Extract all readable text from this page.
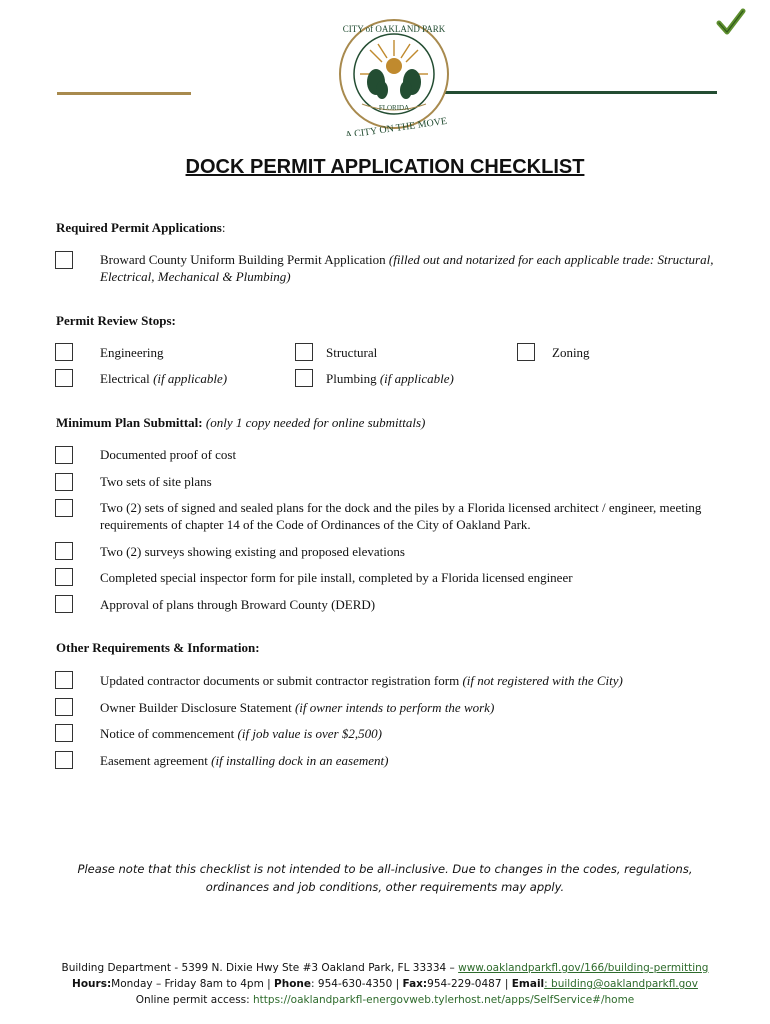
CITY of OAKLAND PARK
FLORIDA
A CITY ON THE MOVE
DOCK PERMIT APPLICATION CHECKLIST
Required Permit Applications:
Broward County Uniform Building Permit Application (filled out and notarized for each applicable trade: Structural, Electrical, Mechanical & Plumbing)
Permit Review Stops:
Engineering	Structural	Zoning
Electrical (if applicable)	Plumbing (if applicable)
Minimum Plan Submittal: (only 1 copy needed for online submittals)
Documented proof of cost
Two sets of site plans
Two (2) sets of signed and sealed plans for the dock and the piles by a Florida licensed architect / engineer, meeting requirements of chapter 14 of the Code of Ordinances of the City of Oakland Park.
Two (2) surveys showing existing and proposed elevations
Completed special inspector form for pile install, completed by a Florida licensed engineer
Approval of plans through Broward County (DERD)
Other Requirements & Information:
Updated contractor documents or submit contractor registration form (if not registered with the City)
Owner Builder Disclosure Statement (if owner intends to perform the work)
Notice of commencement (if job value is over $2,500)
Easement agreement (if installing dock in an easement)
Please note that this checklist is not intended to be all-inclusive. Due to changes in the codes, regulations, ordinances and job conditions, other requirements may apply.
Building Department - 5399 N. Dixie Hwy Ste #3 Oakland Park, FL 33334 – www.oaklandparkfl.gov/166/building-permitting
Hours:Monday – Friday 8am to 4pm | Phone: 954-630-4350 | Fax:954-229-0487 | Email: building@oaklandparkfl.gov
Online permit access: https://oaklandparkfl-energovweb.tylerhost.net/apps/SelfService#/home
